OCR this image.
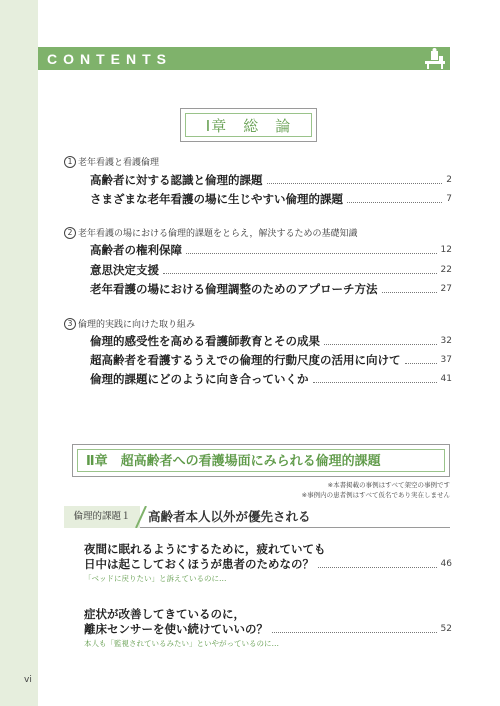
CONTENTS
Ⅰ章　総　論
1 老年看護と看護倫理
高齢者に対する認識と倫理的課題	2
さまざまな老年看護の場に生じやすい倫理的課題	7
2 老年看護の場における倫理的課題をとらえ，解決するための基礎知識
高齢者の権利保障	12
意思決定支援	22
老年看護の場における倫理調整のためのアプローチ方法	27
3 倫理的実践に向けた取り組み
倫理的感受性を高める看護師教育とその成果	32
超高齢者を看護するうえでの倫理的行動尺度の活用に向けて	37
倫理的課題にどのように向き合っていくか	41
Ⅱ章　超高齢者への看護場面にみられる倫理的課題
※本書掲載の事例はすべて架空の事例です
※事例内の患者例はすべて仮名であり実在しません
倫理的課題１	高齢者本人以外が優先される
夜間に眠れるようにするために，疲れていても
日中は起こしておくほうが患者のためなの？	46
「ベッドに戻りたい」と訴えているのに…
症状が改善してきているのに，
離床センサーを使い続けていいの？	52
本人も「監視されているみたい」といやがっているのに…
vi
